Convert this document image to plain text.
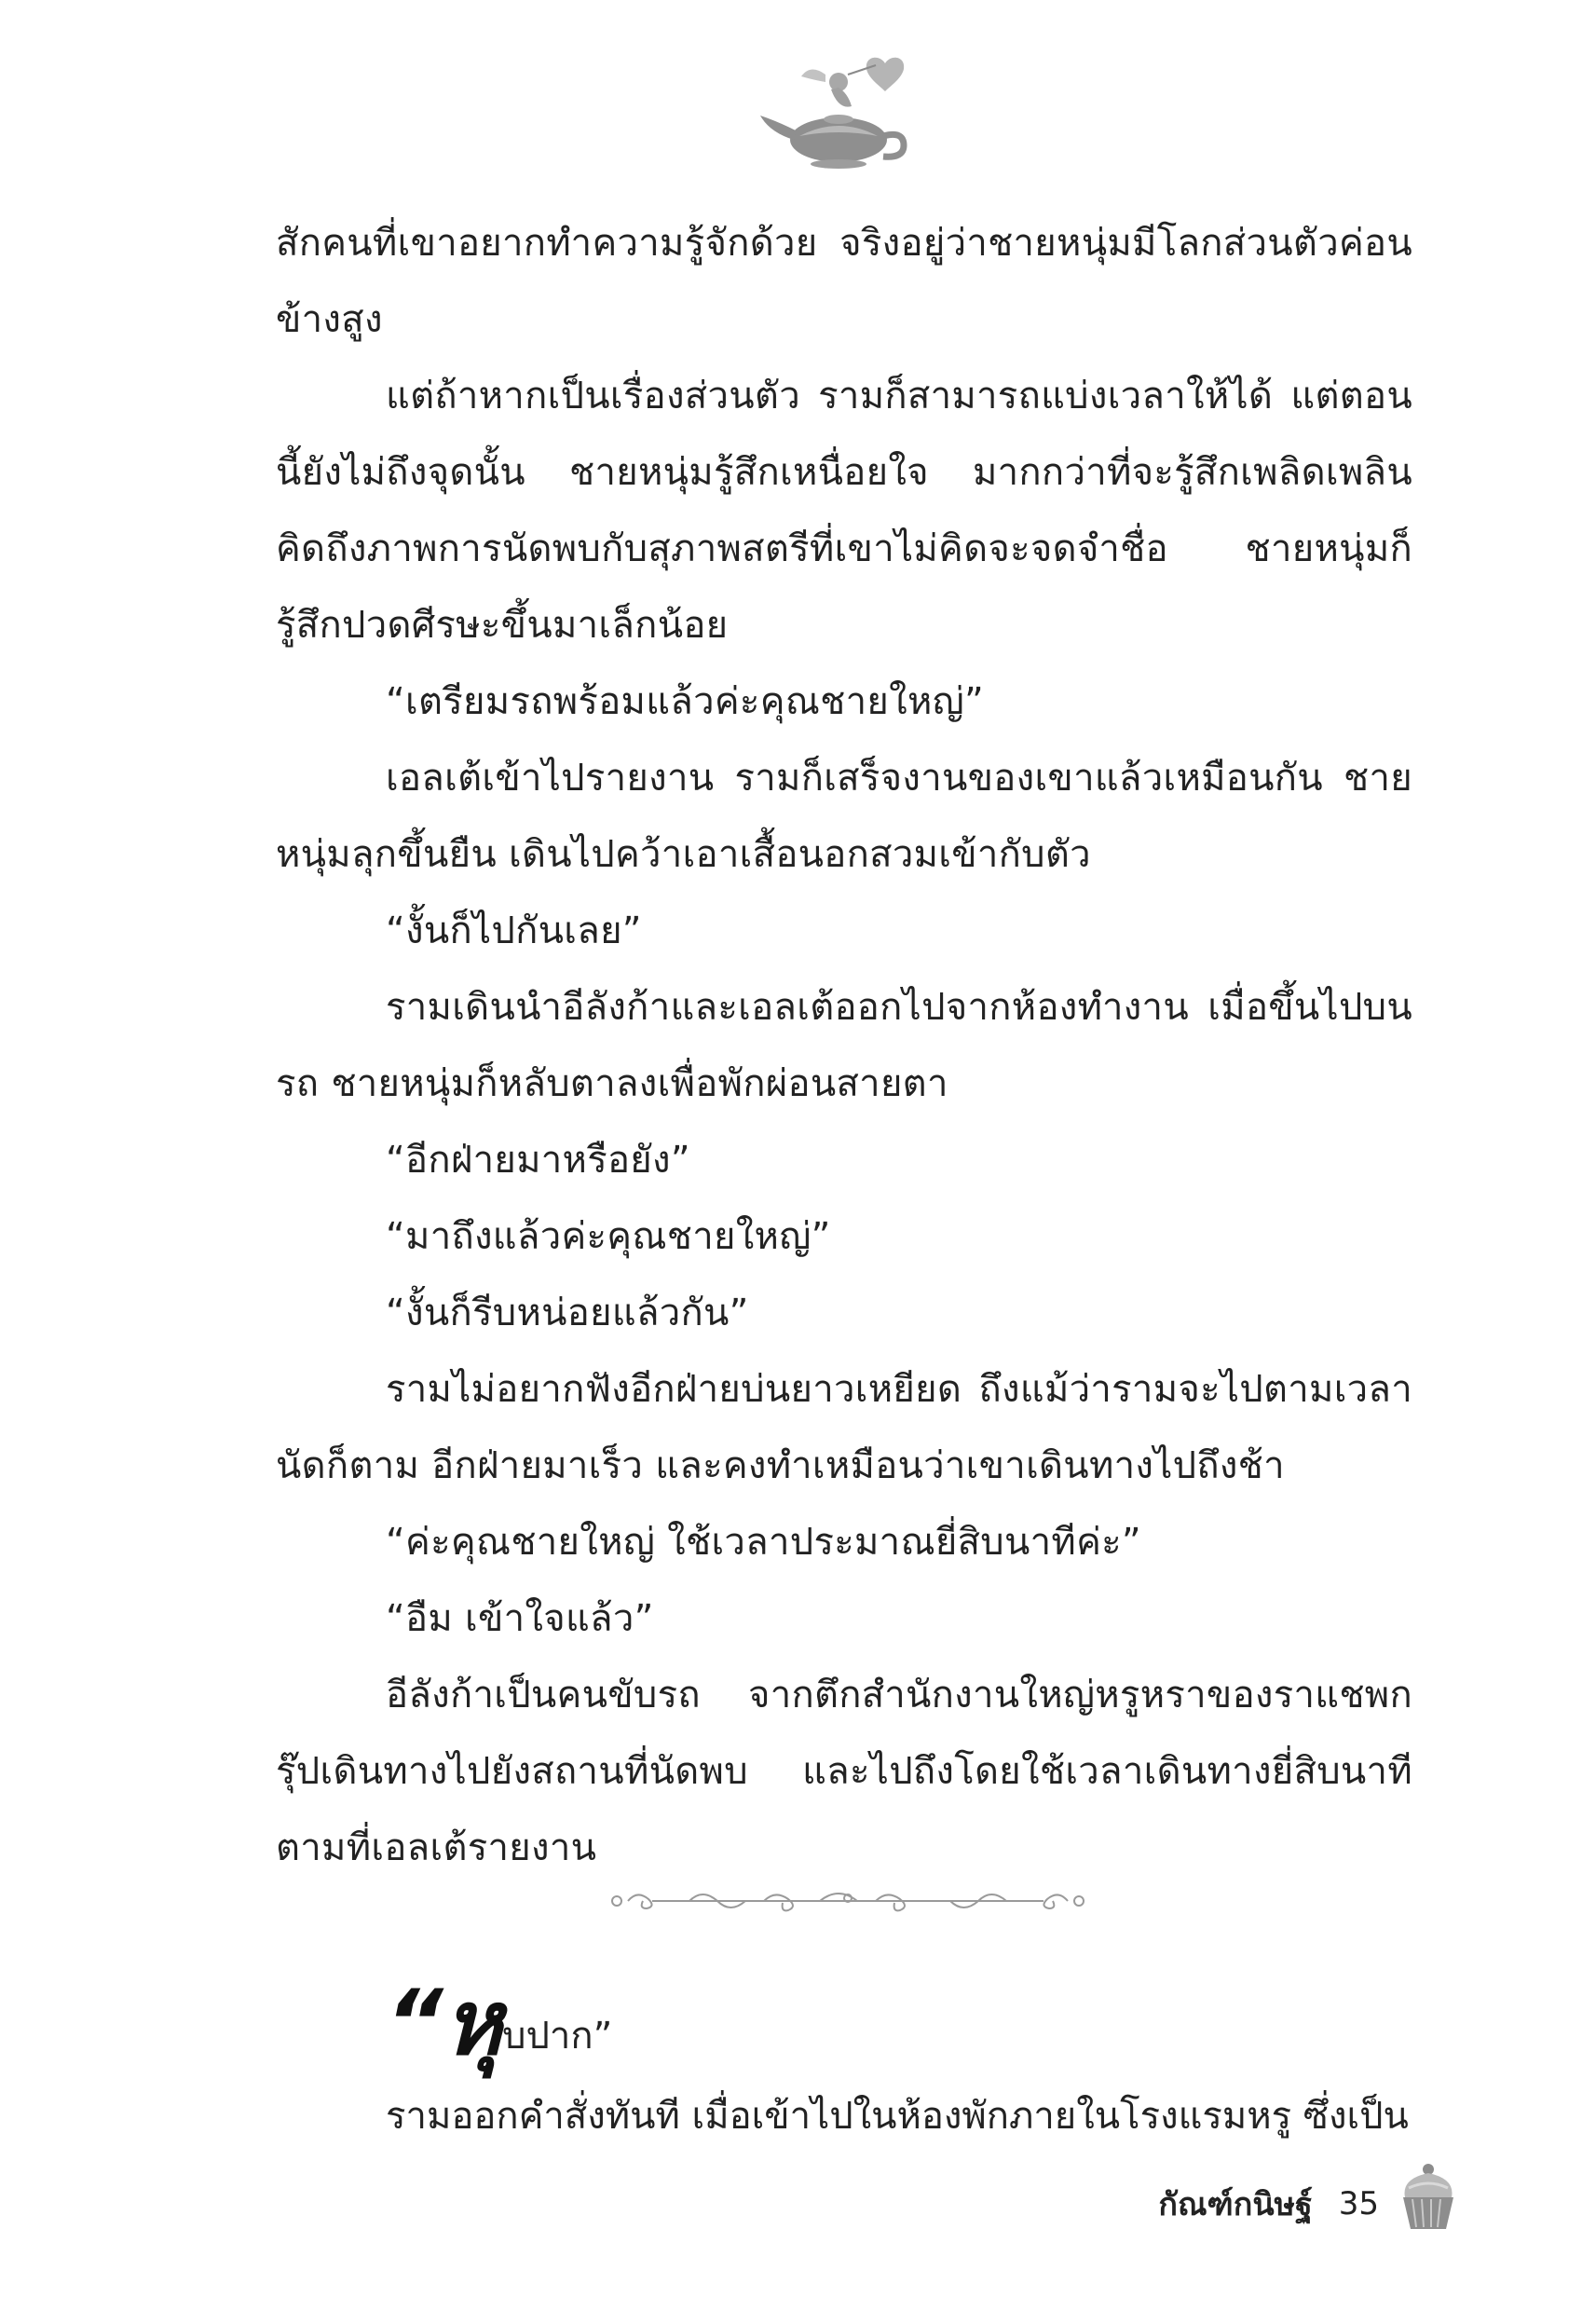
สักคนที่เขาอยากทำความรู้จักด้วย จริงอยู่ว่าชายหนุ่มมีโลกส่วนตัวค่อนข้างสูง

แต่ถ้าหากเป็นเรื่องส่วนตัว รามก็สามารถแบ่งเวลาให้ได้ แต่ตอนนี้ยังไม่ถึงจุดนั้น ชายหนุ่มรู้สึกเหนื่อยใจ มากกว่าที่จะรู้สึกเพลิดเพลิน คิดถึงภาพการนัดพบกับสุภาพสตรีที่เขาไม่คิดจะจดจำชื่อ ชายหนุ่มก็รู้สึกปวดศีรษะขึ้นมาเล็กน้อย

“เตรียมรถพร้อมแล้วค่ะคุณชายใหญ่”

เอลเต้เข้าไปรายงาน รามก็เสร็จงานของเขาแล้วเหมือนกัน ชายหนุ่มลุกขึ้นยืน เดินไปคว้าเอาเสื้อนอกสวมเข้ากับตัว

“งั้นก็ไปกันเลย”

รามเดินนำอีลังก้าและเอลเต้ออกไปจากห้องทำงาน เมื่อขึ้นไปบนรถ ชายหนุ่มก็หลับตาลงเพื่อพักผ่อนสายตา

“อีกฝ่ายมาหรือยัง”

“มาถึงแล้วค่ะคุณชายใหญ่”

“งั้นก็รีบหน่อยแล้วกัน”

รามไม่อยากฟังอีกฝ่ายบ่นยาวเหยียด ถึงแม้ว่ารามจะไปตามเวลานัดก็ตาม อีกฝ่ายมาเร็ว และคงทำเหมือนว่าเขาเดินทางไปถึงช้า

“ค่ะคุณชายใหญ่ ใช้เวลาประมาณยี่สิบนาทีค่ะ”

“อืม เข้าใจแล้ว”

อีลังก้าเป็นคนขับรถ จากตึกสำนักงานใหญ่หรูหราของราแชพกรุ๊ปเดินทางไปยังสถานที่นัดพบ และไปถึงโดยใช้เวลาเดินทางยี่สิบนาทีตามที่เอลเต้รายงาน

“หุบปาก”

รามออกคำสั่งทันที เมื่อเข้าไปในห้องพักภายในโรงแรมหรู ซึ่งเป็น

กัณฑ์กนิษฐ์ 35
